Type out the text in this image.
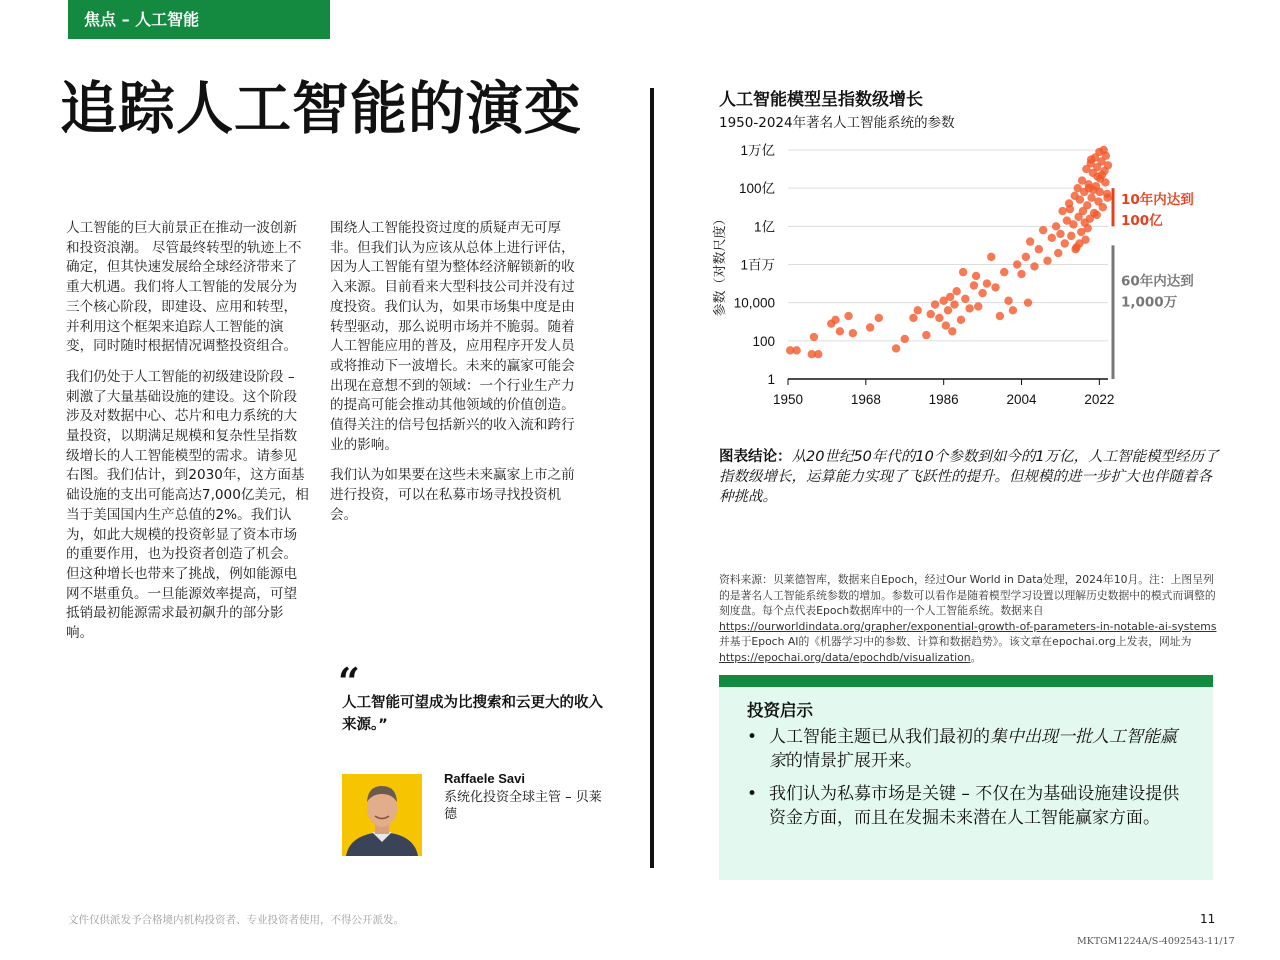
焦点 – 人工智能
追踪人工智能的演变

人工智能的巨大前景正在推动一波创新和投资浪潮。 尽管最终转型的轨迹上不确定，但其快速发展给全球经济带来了重大机遇。我们将人工智能的发展分为三个核心阶段，即建设、应用和转型，并利用这个框架来追踪人工智能的演变，同时随时根据情况调整投资组合。

我们仍处于人工智能的初级建设阶段 – 刺激了大量基础设施的建设。这个阶段涉及对数据中心、芯片和电力系统的大量投资，以期满足规模和复杂性呈指数级增长的人工智能模型的需求。请参见右图。我们估计，到2030年，这方面基础设施的支出可能高达7,000亿美元，相当于美国国内生产总值的2%。我们认为，如此大规模的投资彰显了资本市场的重要作用，也为投资者创造了机会。但这种增长也带来了挑战，例如能源电网不堪重负。一旦能源效率提高，可望抵销最初能源需求最初飙升的部分影响。

围绕人工智能投资过度的质疑声无可厚非。但我们认为应该从总体上进行评估，因为人工智能有望为整体经济解锁新的收入来源。目前看来大型科技公司并没有过度投资。我们认为，如果市场集中度是由转型驱动，那么说明市场并不脆弱。随着人工智能应用的普及，应用程序开发人员或将推动下一波增长。未来的赢家可能会出现在意想不到的领域：一个行业生产力的提高可能会推动其他领域的价值创造。值得关注的信号包括新兴的收入流和跨行业的影响。

我们认为如果要在这些未来赢家上市之前进行投资，可以在私募市场寻找投资机会。

“
人工智能可望成为比搜索和云更大的收入来源。”
Raffaele Savi
系统化投资全球主管 – 贝莱德
人工智能模型呈指数级增长
1950-2024年著名人工智能系统的参数
1万亿
100亿
1亿
1百万
10,000
100
1
1950	1968	1986	2004	2022
参数（对数尺度）
10年内达到
100亿
60年内达到
1,000万
图表结论：从20世纪50年代的10个参数到如今的1万亿，人工智能模型经历了指数级增长，运算能力实现了飞跃性的提升。但规模的进一步扩大也伴随着各种挑战。
资料来源：贝莱德智库，数据来自Epoch，经过Our World in Data处理，2024年10月。注：上图呈列的是著名人工智能系统参数的增加。参数可以看作是随着模型学习设置以理解历史数据中的模式而调整的刻度盘。每个点代表Epoch数据库中的一个人工智能系统。数据来自https://ourworldindata.org/grapher/exponential-growth-of-parameters-in-notable-ai-systems并基于Epoch AI的《机器学习中的参数、计算和数据趋势》。该文章在epochai.org上发表，网址为https://epochai.org/data/epochdb/visualization。
投资启示
• 人工智能主题已从我们最初的集中出现一批人工智能赢家的情景扩展开来。
• 我们认为私募市场是关键 – 不仅在为基础设施建设提供资金方面，而且在发掘未来潜在人工智能赢家方面。
文件仅供派发予合格境内机构投资者、专业投资者使用，不得公开派发。	11
MKTGM1224A/S-4092543-11/17
